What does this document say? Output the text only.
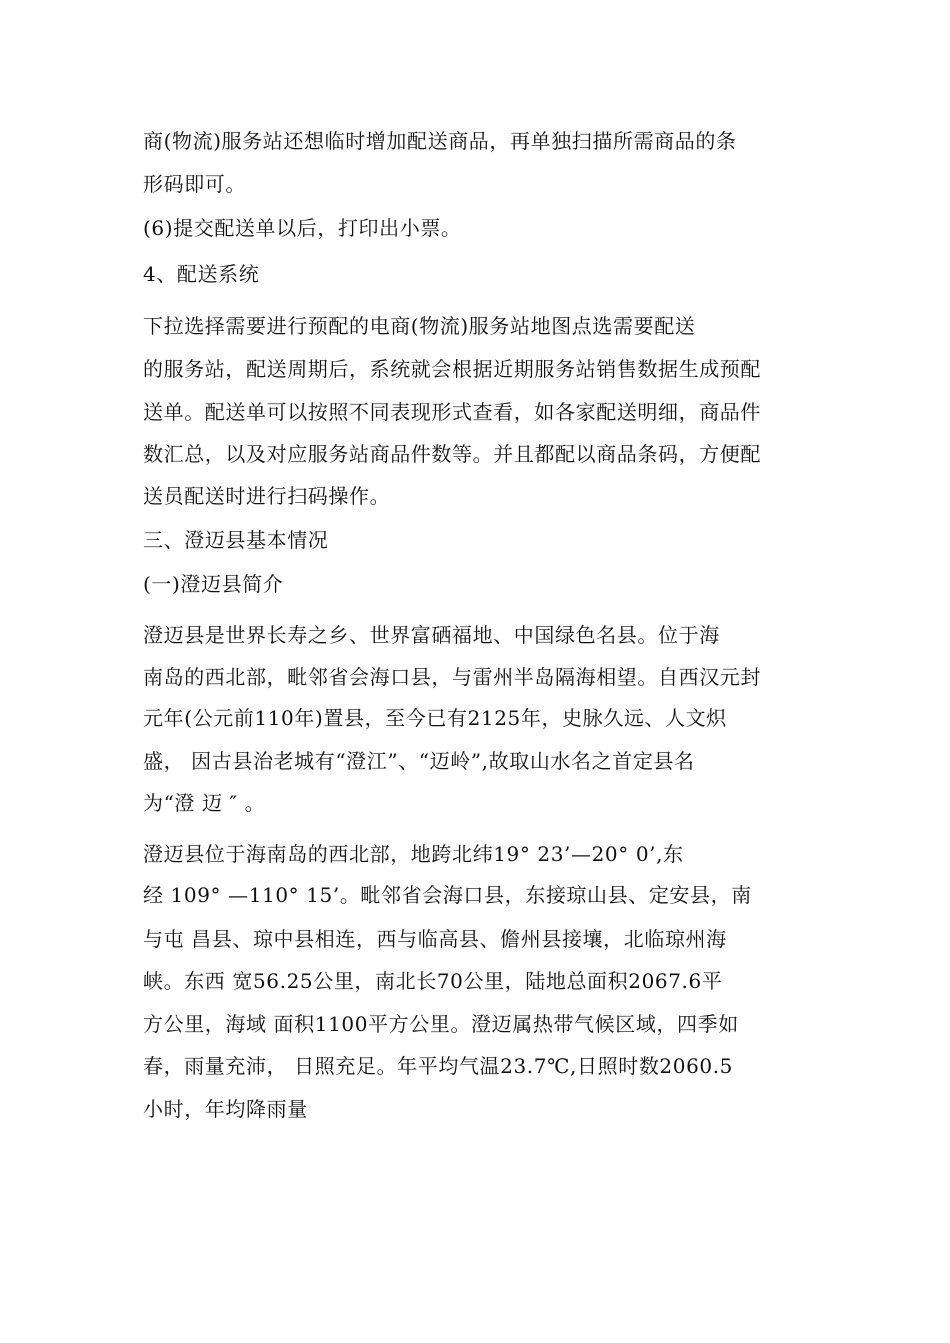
商(物流)服务站还想临时增加配送商品，再单独扫描所需商品的条
形码即可。
(6)提交配送单以后，打印出小票。
4、配送系统
下拉选择需要进行预配的电商(物流)服务站地图点选需要配送
的服务站，配送周期后，系统就会根据近期服务站销售数据生成预配
送单。配送单可以按照不同表现形式查看，如各家配送明细，商品件
数汇总，以及对应服务站商品件数等。并且都配以商品条码，方便配
送员配送时进行扫码操作。
三、澄迈县基本情况
(一)澄迈县简介
澄迈县是世界长寿之乡、世界富硒福地、中国绿色名县。位于海
南岛的西北部，毗邻省会海口县，与雷州半岛隔海相望。自西汉元封
元年(公元前110年)置县，至今已有2125年，史脉久远、人文炽
盛， 因古县治老城有“澄江”、“迈岭”,故取山水名之首定县名
为“澄 迈 ″ 。
澄迈县位于海南岛的西北部，地跨北纬19° 23’—20° 0’,东
经 109° —110° 15’。毗邻省会海口县，东接琼山县、定安县，南
与屯 昌县、琼中县相连，西与临高县、儋州县接壤，北临琼州海
峡。东西 宽56.25公里，南北长70公里，陆地总面积2067.6平
方公里，海域 面积1100平方公里。澄迈属热带气候区域，四季如
春，雨量充沛， 日照充足。年平均气温23.7℃,日照时数2060.5
小时，年均降雨量
